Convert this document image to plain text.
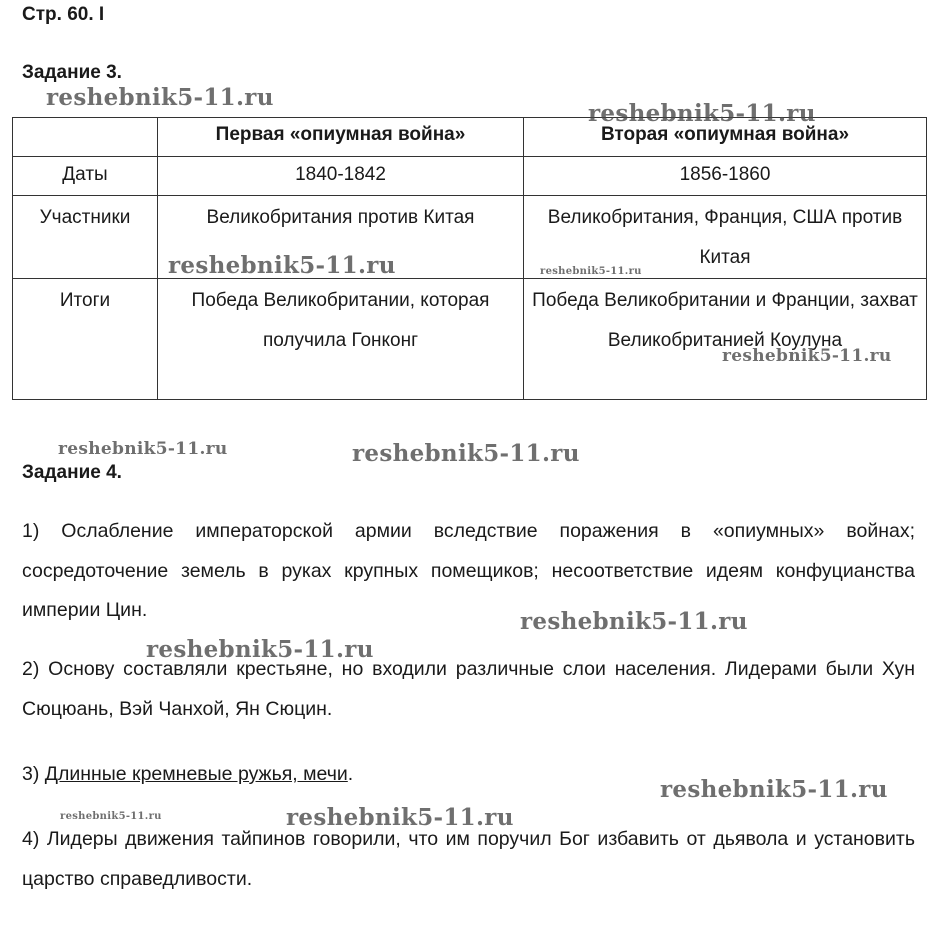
Стр. 60. I
Задание 3.
	Первая «опиумная война»	Вторая «опиумная война»
Даты	1840-1842	1856-1860
Участники	Великобритания против Китая	Великобритания, Франция, США против Китая
Итоги	Победа Великобритании, которая получила Гонконг	Победа Великобритании и Франции, захват Великобританией Коулуна
Задание 4.

1) Ослабление императорской армии вследствие поражения в «опиумных» войнах; сосредоточение земель в руках крупных помещиков; несоответствие идеям конфуцианства империи Цин.

2) Основу составляли крестьяне, но входили различные слои населения. Лидерами были Хун Сюцюань, Вэй Чанхой, Ян Сюцин.

3) Длинные кремневые ружья, мечи.

4) Лидеры движения тайпинов говорили, что им поручил Бог избавить от дьявола и установить царство справедливости.

reshebnik5-11.ru
reshebnik5-11.ru
reshebnik5-11.ru	reshebnik5-11.ru
reshebnik5-11.ru
reshebnik5-11.ru	reshebnik5-11.ru
reshebnik5-11.ru
reshebnik5-11.ru
reshebnik5-11.ru
reshebnik5-11.ru	reshebnik5-11.ru
